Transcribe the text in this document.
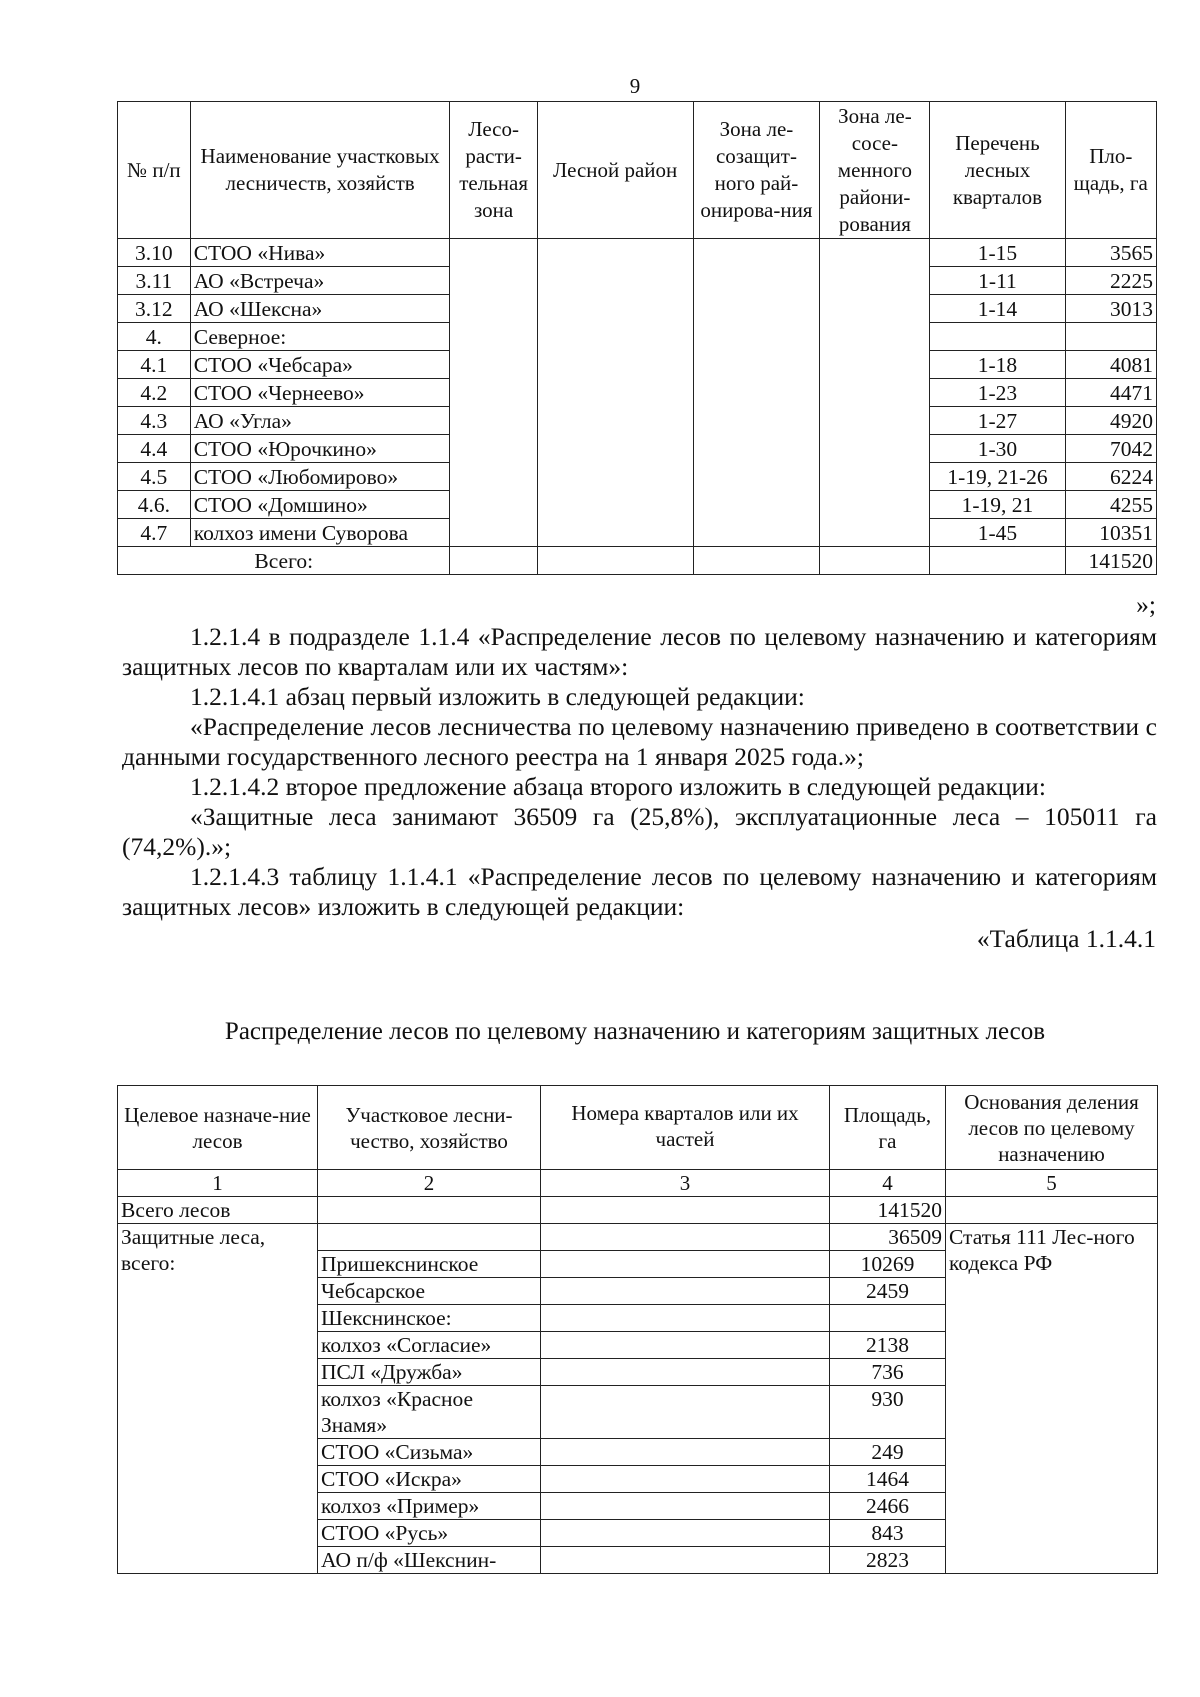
9
№ п/п	Наименование участковых лесничеств, хозяйств	Лесо-расти-тельная зона	Лесной район	Зона ле-созащит-ного рай-онирова-ния	Зона ле-сосе-менного райони-рования	Перечень лесных кварталов	Пло-щадь, га
3.10	СТОО «Нива»					1-15	3565
3.11	АО «Встреча»					1-11	2225
3.12	АО «Шексна»					1-14	3013
4.	Северное:						
4.1	СТОО «Чебсара»					1-18	4081
4.2	СТОО «Чернеево»					1-23	4471
4.3	АО «Угла»					1-27	4920
4.4	СТОО «Юрочкино»					1-30	7042
4.5	СТОО «Любомирово»					1-19, 21-26	6224
4.6.	СТОО «Домшино»					1-19, 21	4255
4.7	колхоз имени Суворова					1-45	10351
Всего:							141520
»;
1.2.1.4 в подразделе 1.1.4 «Распределение лесов по целевому назначению и категориям защитных лесов по кварталам или их частям»:
1.2.1.4.1 абзац первый изложить в следующей редакции:
«Распределение лесов лесничества по целевому назначению приведено в соответствии с данными государственного лесного реестра на 1 января 2025 года.»;
1.2.1.4.2 второе предложение абзаца второго изложить в следующей редакции:
«Защитные леса занимают 36509 га (25,8%), эксплуатационные леса – 105011 га (74,2%).»;
1.2.1.4.3 таблицу 1.1.4.1 «Распределение лесов по целевому назначению и категориям защитных лесов» изложить в следующей редакции:
«Таблица 1.1.4.1
Распределение лесов по целевому назначению и категориям защитных лесов
Целевое назначе-ние лесов	Участковое лесни-чество, хозяйство	Номера кварталов или их частей	Площадь, га	Основания деления лесов по целевому назначению
1	2	3	4	5
Всего лесов			141520	
Защитные леса, всего:			36509	Статья 111 Лес-ного кодекса РФ
	Пришекснинское		10269	
	Чебсарское		2459	
	Шекснинское:			
	колхоз «Согласие»		2138	
	ПСЛ «Дружба»		736	
	колхоз «Красное Знамя»		930	
	СТОО «Сизьма»		249	
	СТОО «Искра»		1464	
	колхоз «Пример»		2466	
	СТОО «Русь»		843	
	АО п/ф «Шекснин-		2823	
